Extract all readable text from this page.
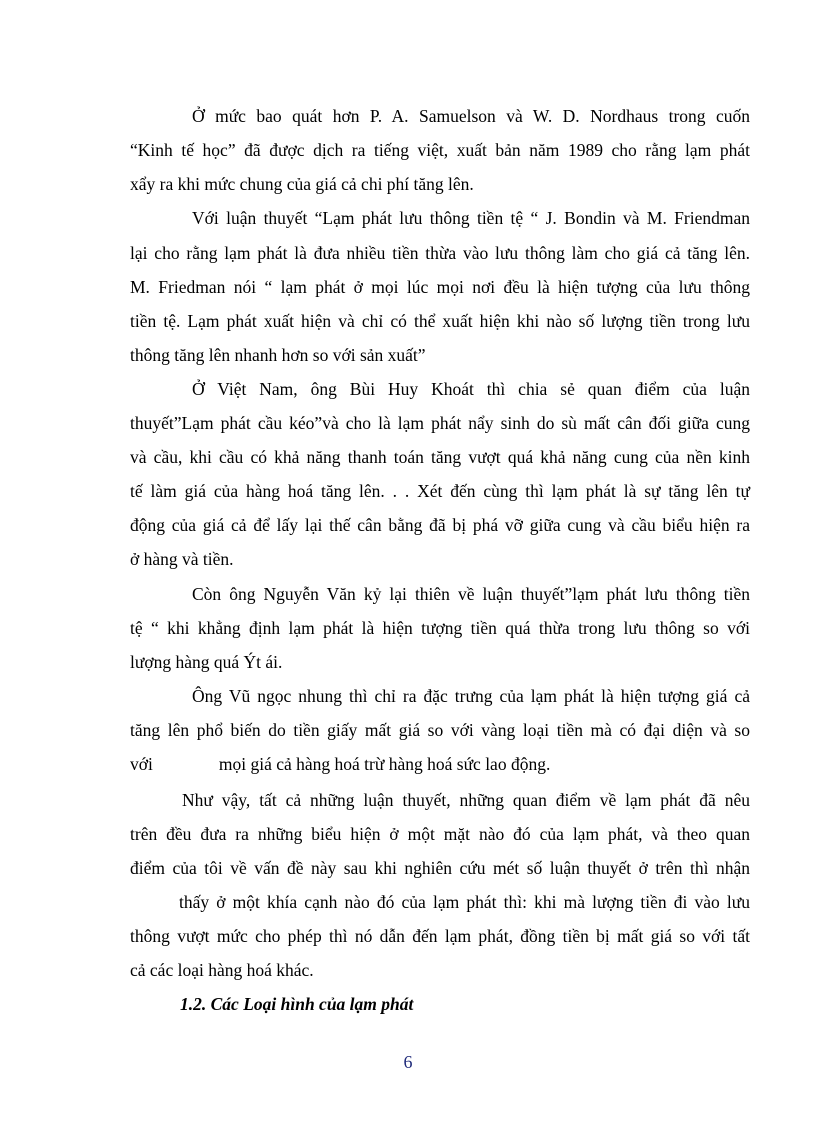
Ở mức bao quát hơn P. A. Samuelson và W. D. Nordhaus trong cuốn
“Kinh tế học” đã được dịch ra tiếng việt, xuất bản năm 1989 cho rằng lạm phát
xẩy ra khi mức chung của giá cả chi phí tăng lên.
Với luận thuyết “Lạm phát lưu thông tiền tệ “ J. Bondin và M. Friendman
lại cho rằng lạm phát là đưa nhiều tiền thừa vào lưu thông làm cho giá cả tăng lên.
M. Friedman nói “ lạm phát ở mọi lúc mọi nơi đều là hiện tượng của lưu thông
tiền tệ. Lạm phát xuất hiện và chỉ có thể xuất hiện khi nào số lượng tiền trong lưu
thông tăng lên nhanh hơn so với sản xuất”
Ở Việt Nam, ông Bùi Huy Khoát thì chia sẻ quan điểm của luận
thuyết”Lạm phát cầu kéo”và cho là lạm phát nẩy sinh do sù mất cân đối giữa cung
và cầu, khi cầu có khả năng thanh toán tăng vượt quá khả năng cung của nền kinh
tế làm giá của hàng hoá tăng lên. . . Xét đến cùng thì lạm phát là sự tăng lên tự
động của giá cả để lấy lại thế cân bằng đã bị phá vỡ giữa cung và cầu biểu hiện ra
ở hàng và tiền.
Còn ông Nguyễn Văn kỷ lại thiên về luận thuyết”lạm phát lưu thông tiền
tệ “ khi khẳng định lạm phát là hiện tượng tiền quá thừa trong lưu thông so với
lượng hàng quá Ýt ái.
Ông Vũ ngọc nhung thì chỉ ra đặc trưng của lạm phát là hiện tượng giá cả
tăng lên phổ biến do tiền giấy mất giá so với vàng loại tiền mà có đại diện và so
với	mọi giá cả hàng hoá trừ hàng hoá sức lao động.
Như vậy, tất cả những luận thuyết, những quan điểm về lạm phát đã nêu
trên đều đưa ra những biểu hiện ở một mặt nào đó của lạm phát, và theo quan
điểm của tôi về vấn đề này sau khi nghiên cứu mét số luận thuyết ở trên thì nhận
thấy ở một khía cạnh nào đó của lạm phát thì: khi mà lượng tiền đi vào lưu
thông vượt mức cho phép thì nó dẫn đến lạm phát, đồng tiền bị mất giá so với tất
cả các loại hàng hoá khác.
1.2. Các Loại hình của lạm phát
6
